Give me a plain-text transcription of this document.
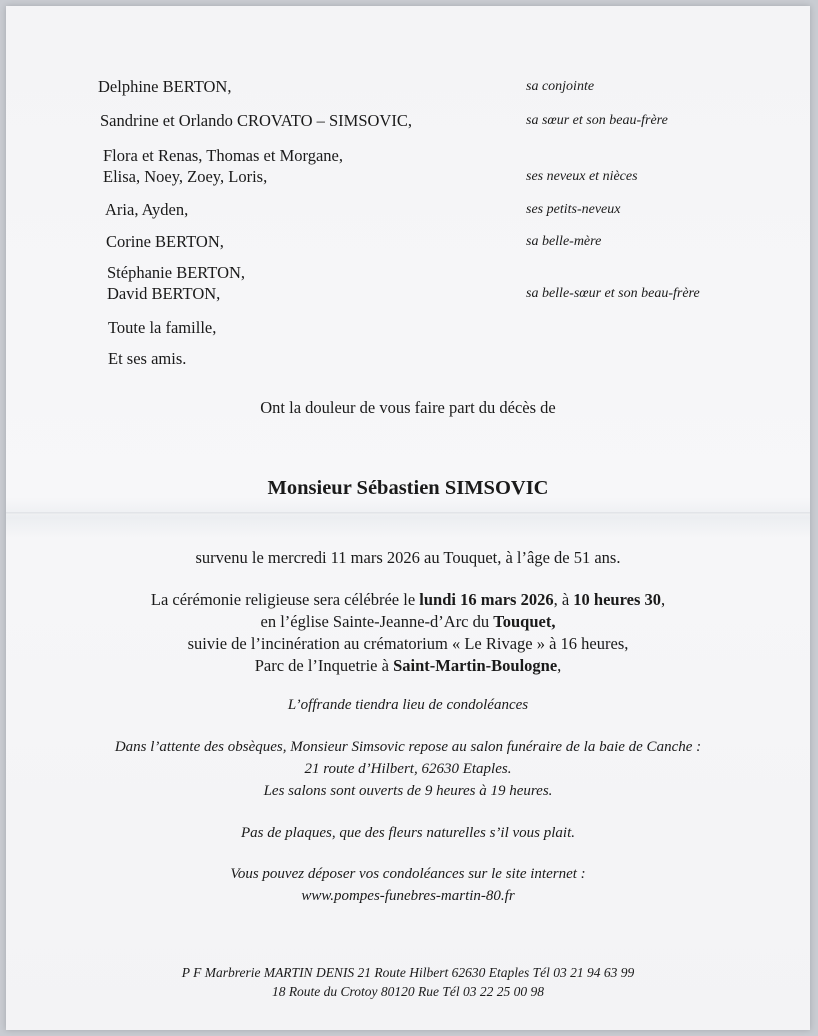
Delphine BERTON,	sa conjointe
Sandrine et Orlando CROVATO – SIMSOVIC,	sa sœur et son beau-frère
Flora et Renas, Thomas et Morgane,
Elisa, Noey, Zoey, Loris,	ses neveux et nièces
Aria, Ayden,	ses petits-neveux
Corine BERTON,	sa belle-mère
Stéphanie BERTON,
David BERTON,	sa belle-sœur et son beau-frère
Toute la famille,
Et ses amis.
Ont la douleur de vous faire part du décès de
Monsieur Sébastien SIMSOVIC
survenu le mercredi 11 mars 2026 au Touquet, à l’âge de 51 ans.
La cérémonie religieuse sera célébrée le lundi 16 mars 2026, à 10 heures 30,
en l’église Sainte-Jeanne-d’Arc du Touquet,
suivie de l’incinération au crématorium « Le Rivage » à 16 heures,
Parc de l’Inquetrie à Saint-Martin-Boulogne,
L’offrande tiendra lieu de condoléances
Dans l’attente des obsèques, Monsieur Simsovic repose au salon funéraire de la baie de Canche :
21 route d’Hilbert, 62630 Etaples.
Les salons sont ouverts de 9 heures à 19 heures.
Pas de plaques, que des fleurs naturelles s’il vous plait.
Vous pouvez déposer vos condoléances sur le site internet :
www.pompes-funebres-martin-80.fr
P F Marbrerie MARTIN DENIS 21 Route Hilbert 62630 Etaples Tél 03 21 94 63 99
18 Route du Crotoy 80120 Rue Tél 03 22 25 00 98
